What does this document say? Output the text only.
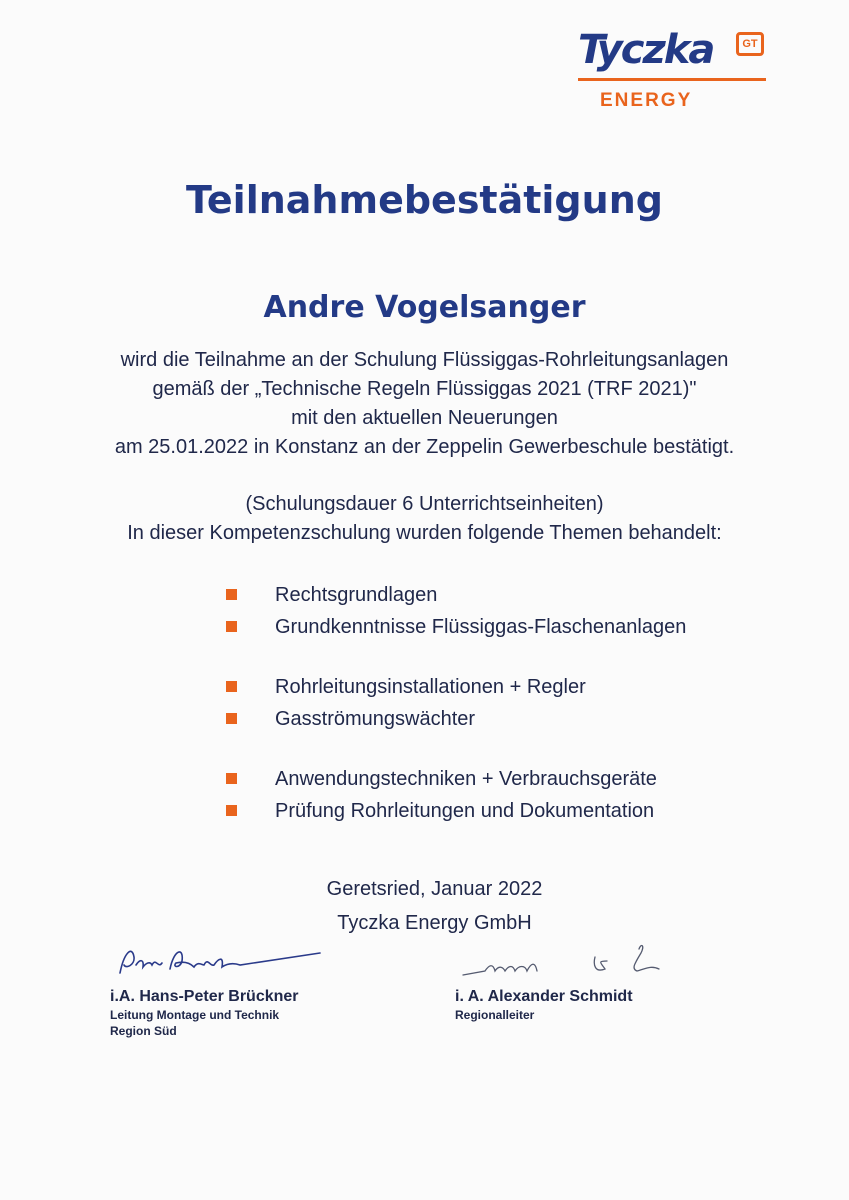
Tyczka	GT
ENERGY
Teilnahmebestätigung
Andre Vogelsanger
wird die Teilnahme an der Schulung Flüssiggas-Rohrleitungsanlagen
gemäß der „Technische Regeln Flüssiggas 2021 (TRF 2021)"
mit den aktuellen Neuerungen
am 25.01.2022 in Konstanz an der Zeppelin Gewerbeschule bestätigt.
(Schulungsdauer 6 Unterrichtseinheiten)
In dieser Kompetenzschulung wurden folgende Themen behandelt:
Rechtsgrundlagen
Grundkenntnisse Flüssiggas-Flaschenanlagen
Rohrleitungsinstallationen + Regler
Gasströmungswächter
Anwendungstechniken + Verbrauchsgeräte
Prüfung Rohrleitungen und Dokumentation
Geretsried, Januar 2022
Tyczka Energy GmbH
i.A. Hans-Peter Brückner
Leitung Montage und Technik
Region Süd
i. A. Alexander Schmidt
Regionalleiter
